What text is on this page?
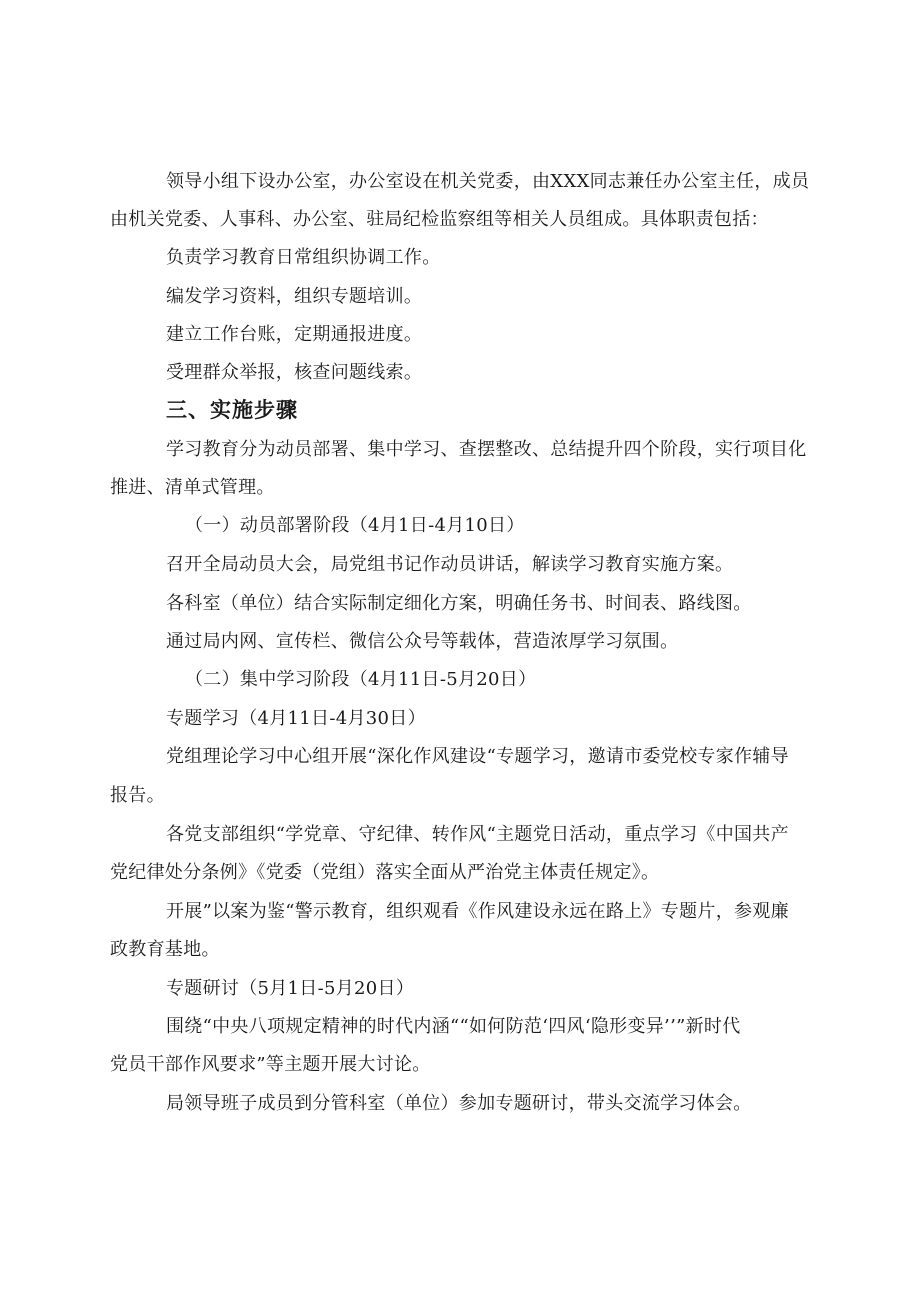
领导小组下设办公室，办公室设在机关党委，由XXX同志兼任办公室主任，成员
由机关党委、人事科、办公室、驻局纪检监察组等相关人员组成。具体职责包括：
负责学习教育日常组织协调工作。
编发学习资料，组织专题培训。
建立工作台账，定期通报进度。
受理群众举报，核查问题线索。
三、实施步骤
学习教育分为动员部署、集中学习、查摆整改、总结提升四个阶段，实行项目化
推进、清单式管理。
（一）动员部署阶段（4月1日-4月10日）
召开全局动员大会，局党组书记作动员讲话，解读学习教育实施方案。
各科室（单位）结合实际制定细化方案，明确任务书、时间表、路线图。
通过局内网、宣传栏、微信公众号等载体，营造浓厚学习氛围。
（二）集中学习阶段（4月11日-5月20日）
专题学习（4月11日-4月30日）
党组理论学习中心组开展“深化作风建设“专题学习，邀请市委党校专家作辅导
报告。
各党支部组织“学党章、守纪律、转作风“主题党日活动，重点学习《中国共产
党纪律处分条例》《党委（党组）落实全面从严治党主体责任规定》。
开展”以案为鉴“警示教育，组织观看《作风建设永远在路上》专题片，参观廉
政教育基地。
专题研讨（5月1日-5月20日）
围绕“中央八项规定精神的时代内涵““如何防范‘四风‘隐形变异’’”新时代
党员干部作风要求”等主题开展大讨论。
局领导班子成员到分管科室（单位）参加专题研讨，带头交流学习体会。
